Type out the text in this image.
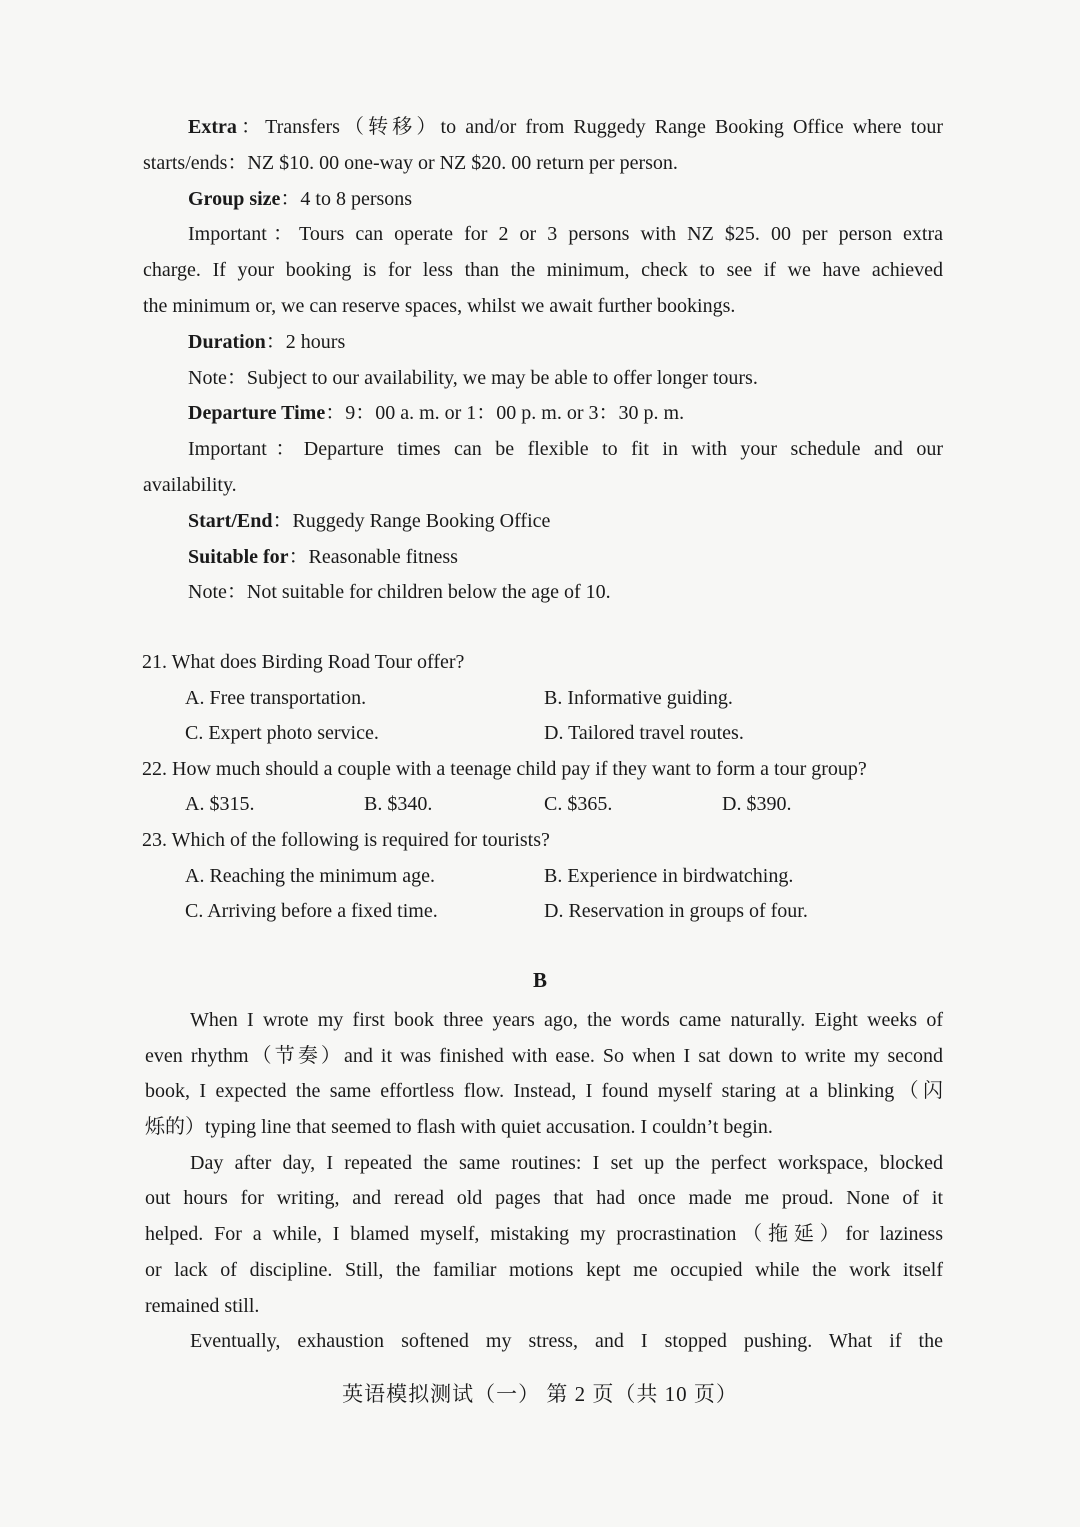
Extra：Transfers（转移）to and/or from Ruggedy Range Booking Office where tour
starts/ends：NZ $10. 00 one-way or NZ $20. 00 return per person.
Group size：4 to 8 persons
Important：Tours can operate for 2 or 3 persons with NZ $25. 00 per person extra
charge. If your booking is for less than the minimum, check to see if we have achieved
the minimum or, we can reserve spaces, whilst we await further bookings.
Duration：2 hours
Note：Subject to our availability, we may be able to offer longer tours.
Departure Time：9：00 a. m. or 1：00 p. m. or 3：30 p. m.
Important：Departure times can be flexible to fit in with your schedule and our
availability.
Start/End：Ruggedy Range Booking Office
Suitable for：Reasonable fitness
Note：Not suitable for children below the age of 10.
21. What does Birding Road Tour offer?
A. Free transportation.	B. Informative guiding.
C. Expert photo service.	D. Tailored travel routes.
22. How much should a couple with a teenage child pay if they want to form a tour group?
A. $315.	B. $340.	C. $365.	D. $390.
23. Which of the following is required for tourists?
A. Reaching the minimum age.	B. Experience in birdwatching.
C. Arriving before a fixed time.	D. Reservation in groups of four.
B
When I wrote my first book three years ago, the words came naturally. Eight weeks of
even rhythm（节奏）and it was finished with ease. So when I sat down to write my second
book, I expected the same effortless flow. Instead, I found myself staring at a blinking（闪
烁的）typing line that seemed to flash with quiet accusation. I couldn’t begin.
Day after day, I repeated the same routines: I set up the perfect workspace, blocked
out hours for writing, and reread old pages that had once made me proud. None of it
helped. For a while, I blamed myself, mistaking my procrastination（拖延）for laziness
or lack of discipline. Still, the familiar motions kept me occupied while the work itself
remained still.
Eventually, exhaustion softened my stress, and I stopped pushing. What if the
英语模拟测试（一） 第 2 页（共 10 页）
